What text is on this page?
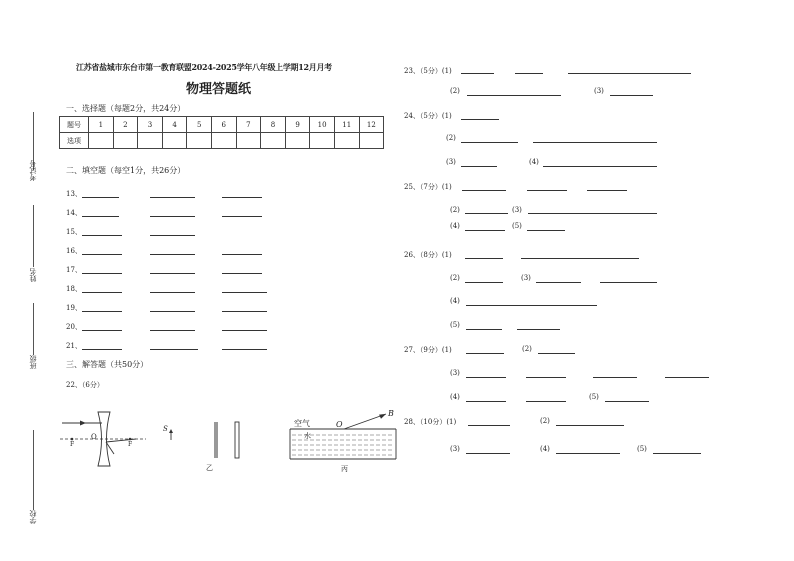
江苏省盐城市东台市第一教育联盟2024-2025学年八年级上学期12月月考
物理答题纸
考试号
姓名
班级
学校
一、选择题（每题2分，共24分）
题号	1	2	3	4	5	6	7	8	9	10	11	12
选项												
二、填空题（每空1分，共26分）
13、
14、
15、
16、
17、
18、
19、
20、
21、
三、解答题（共50分）
22、（6分）
O
F	F
S
乙
空气
水
O
B
丙
23、（5分）(1)
(2)	(3)
24、（5分）(1)
(2)
(3)	(4)
25、（7分）(1)
(2)	(3)
(4)	(5)
26、（8分）(1)
(2)	(3)
(4)
(5)
27、（9分）(1)	(2)
(3)
(4)	(5)
28、（10分）(1)	(2)
(3)	(4)	(5)
